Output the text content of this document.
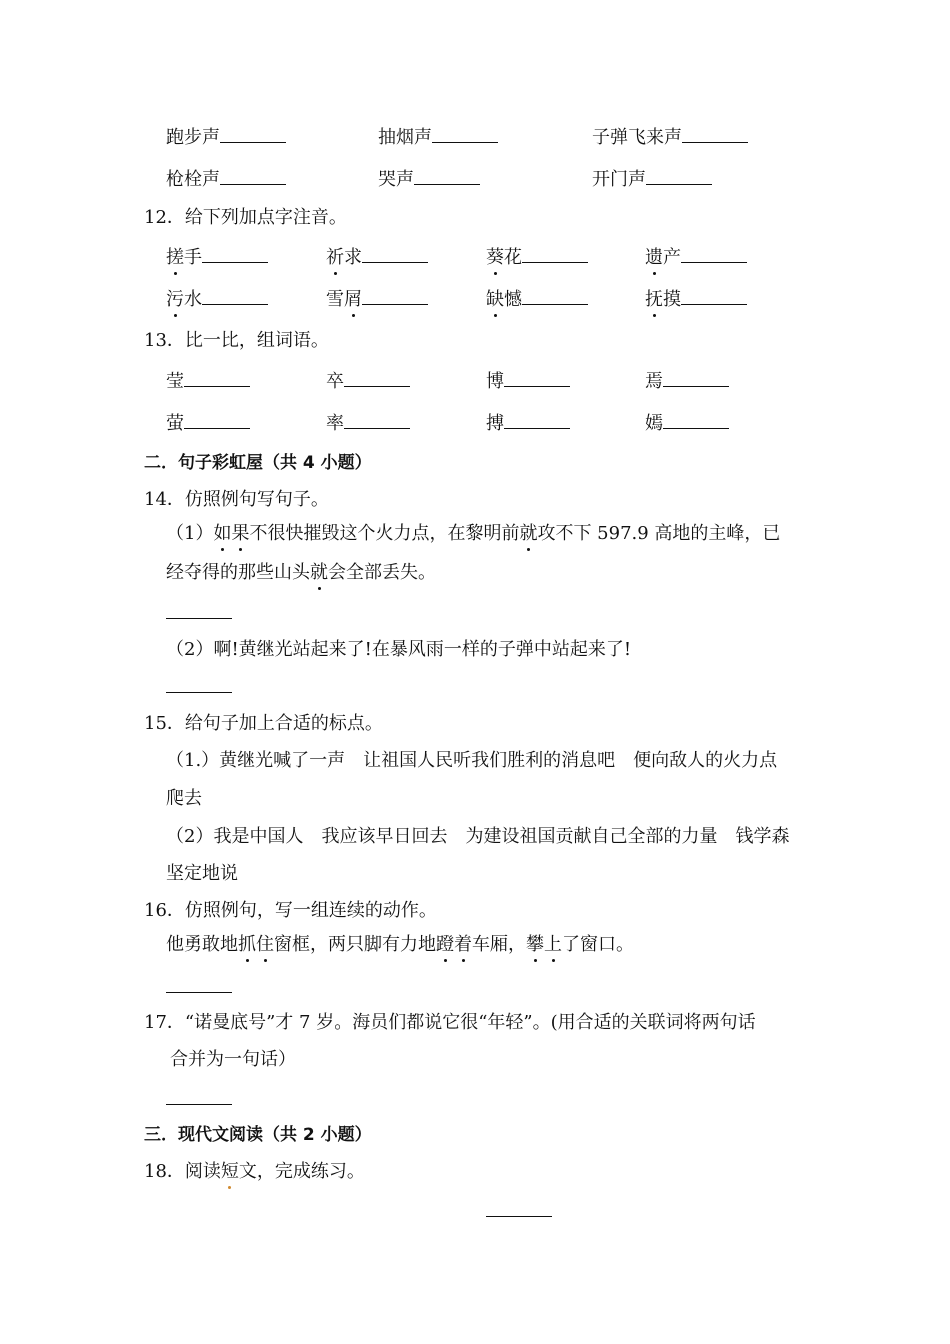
跑步声	抽烟声	子弹飞来声
枪栓声	哭声	开门声
12．给下列加点字注音。
搓手	祈求	葵花	遗产
污水	雪屑	缺憾	抚摸
13．比一比，组词语。
莹	卒	博	焉
萤	率	搏	嫣
二．句子彩虹屋（共 4 小题）
14．仿照例句写句子。
（1）如果不很快摧毁这个火力点，在黎明前就攻不下 597.9 高地的主峰，已
经夺得的那些山头就会全部丢失。
（2）啊!黄继光站起来了!在暴风雨一样的子弹中站起来了!
15．给句子加上合适的标点。
（1.）黄继光喊了一声　让祖国人民听我们胜利的消息吧　便向敌人的火力点
爬去
（2）我是中国人　我应该早日回去　为建设祖国贡献自己全部的力量　钱学森
坚定地说
16．仿照例句，写一组连续的动作。
他勇敢地抓住窗框，两只脚有力地蹬着车厢，攀上了窗口。
17．“诺曼底号”才 7 岁。海员们都说它很“年轻”。(用合适的关联词将两句话
合并为一句话）
三．现代文阅读（共 2 小题）
18．阅读短文，完成练习。
